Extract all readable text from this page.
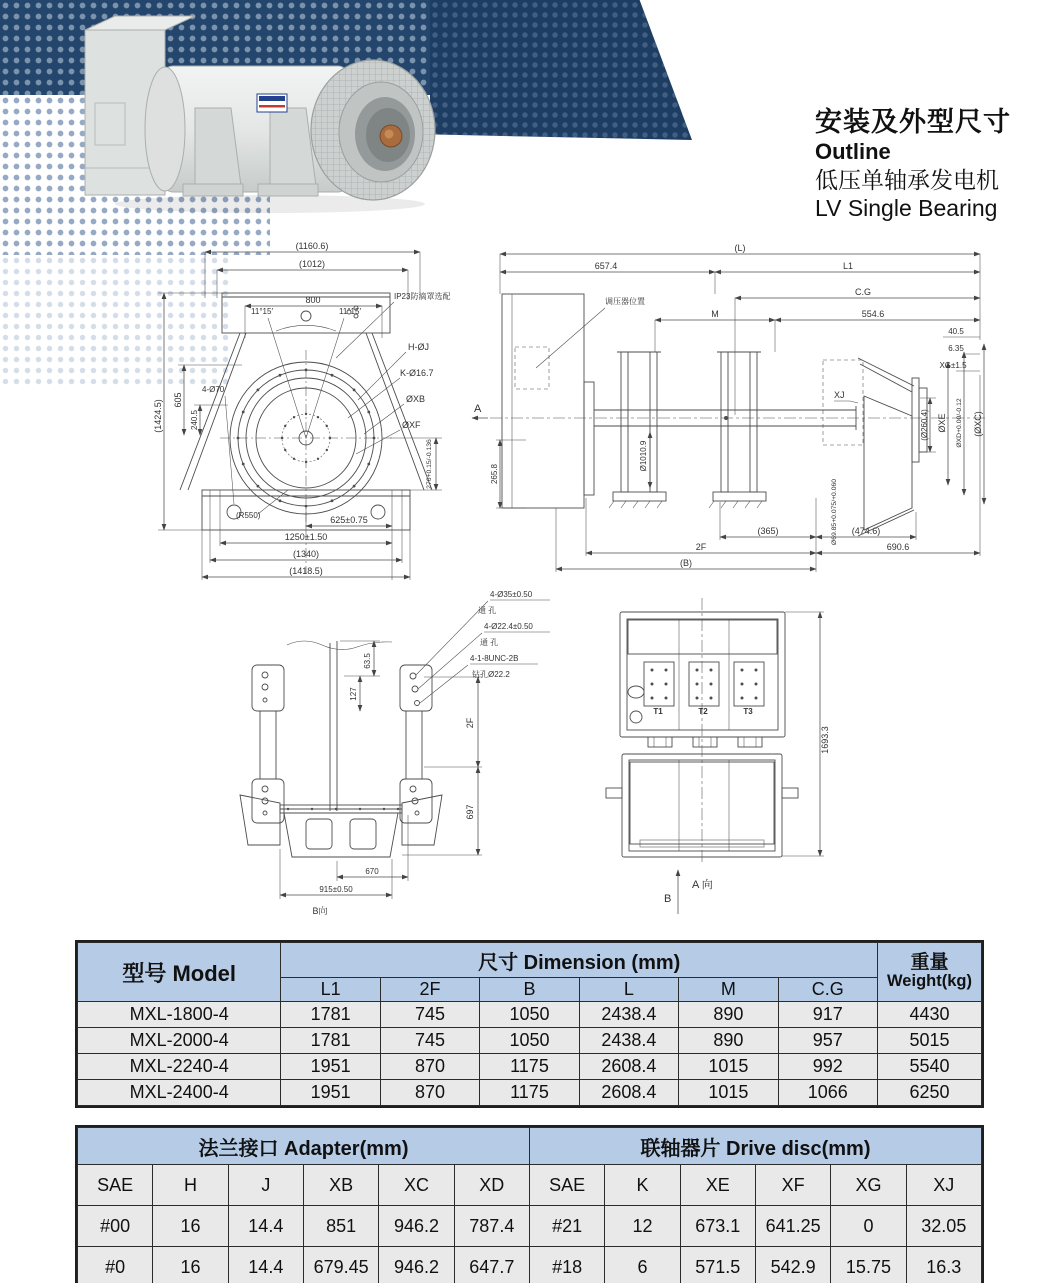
安装及外型尺寸
Outline
低压单轴承发电机
LV Single Bearing
(1160.6)
(1012)
800
11°15′	11°15′
IP23防滴罩选配
H-ØJ
K-Ø16.7
ØXB
ØXF
(1424.5) 605
240.5
4-Ø70
276+0.15/-0.136
(R550)	625±0.75
1250±1.50
(1340)
(1418.5)
(L)
657.4	L1
C.G
M	554.6
40.5
6.35
XG±1.5
调压器位置
A
XJ
Ø1010.9
(Ø260.4) ØXE ØXD+0.00/-0.12 (ØXC)
Ø69.85+0.075/+0.060
265.8
(365)	(474.6)
2F	690.6
(B)
63.5
127
4-Ø35±0.50
通 孔
4-Ø22.4±0.50
通 孔
4-1-8UNC-2B
钻孔Ø22.2
2F
697
670
915±0.50
B向
T1	T2	T3
1693.3
A 向
B
型号 Model	尺寸 Dimension (mm)						重量
Weight(kg)

	L1	2F	B	L	M	C.G	
MXL-1800-4	1781	745	1050	2438.4	890	917	4430
MXL-2000-4	1781	745	1050	2438.4	890	957	5015
MXL-2240-4	1951	870	1175	2608.4	1015	992	5540
MXL-2400-4	1951	870	1175	2608.4	1015	1066	6250
法兰接口 Adapter(mm)						联轴器片 Drive disc(mm)					
SAE	H	J	XB	XC	XD	SAE	K	XE	XF	XG	XJ
#00	16	14.4	851	946.2	787.4	#21	12	673.1	641.25	0	32.05
#0	16	14.4	679.45	946.2	647.7	#18	6	571.5	542.9	15.75	16.3
